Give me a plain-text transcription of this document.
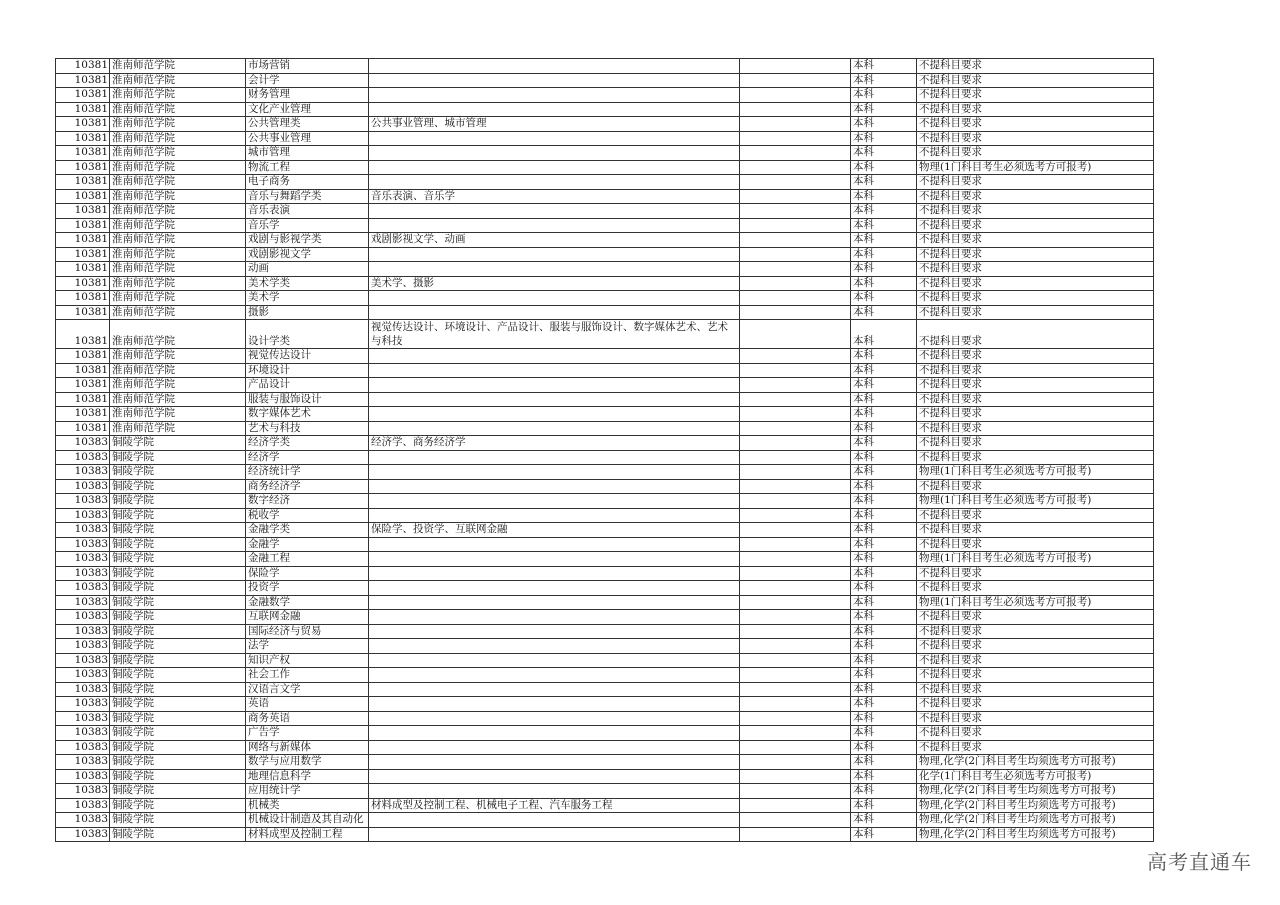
10381	淮南师范学院	市场营销			本科	不提科目要求
10381	淮南师范学院	会计学			本科	不提科目要求
10381	淮南师范学院	财务管理			本科	不提科目要求
10381	淮南师范学院	文化产业管理			本科	不提科目要求
10381	淮南师范学院	公共管理类	公共事业管理、城市管理		本科	不提科目要求
10381	淮南师范学院	公共事业管理			本科	不提科目要求
10381	淮南师范学院	城市管理			本科	不提科目要求
10381	淮南师范学院	物流工程			本科	物理(1门科目考生必须选考方可报考)
10381	淮南师范学院	电子商务			本科	不提科目要求
10381	淮南师范学院	音乐与舞蹈学类	音乐表演、音乐学		本科	不提科目要求
10381	淮南师范学院	音乐表演			本科	不提科目要求
10381	淮南师范学院	音乐学			本科	不提科目要求
10381	淮南师范学院	戏剧与影视学类	戏剧影视文学、动画		本科	不提科目要求
10381	淮南师范学院	戏剧影视文学			本科	不提科目要求
10381	淮南师范学院	动画			本科	不提科目要求
10381	淮南师范学院	美术学类	美术学、摄影		本科	不提科目要求
10381	淮南师范学院	美术学			本科	不提科目要求
10381	淮南师范学院	摄影			本科	不提科目要求
10381	淮南师范学院	设计学类	视觉传达设计、环境设计、产品设计、服装与服饰设计、数字媒体艺术、艺术与科技		本科	不提科目要求
10381	淮南师范学院	视觉传达设计			本科	不提科目要求
10381	淮南师范学院	环境设计			本科	不提科目要求
10381	淮南师范学院	产品设计			本科	不提科目要求
10381	淮南师范学院	服装与服饰设计			本科	不提科目要求
10381	淮南师范学院	数字媒体艺术			本科	不提科目要求
10381	淮南师范学院	艺术与科技			本科	不提科目要求
10383	铜陵学院	经济学类	经济学、商务经济学		本科	不提科目要求
10383	铜陵学院	经济学			本科	不提科目要求
10383	铜陵学院	经济统计学			本科	物理(1门科目考生必须选考方可报考)
10383	铜陵学院	商务经济学			本科	不提科目要求
10383	铜陵学院	数字经济			本科	物理(1门科目考生必须选考方可报考)
10383	铜陵学院	税收学			本科	不提科目要求
10383	铜陵学院	金融学类	保险学、投资学、互联网金融		本科	不提科目要求
10383	铜陵学院	金融学			本科	不提科目要求
10383	铜陵学院	金融工程			本科	物理(1门科目考生必须选考方可报考)
10383	铜陵学院	保险学			本科	不提科目要求
10383	铜陵学院	投资学			本科	不提科目要求
10383	铜陵学院	金融数学			本科	物理(1门科目考生必须选考方可报考)
10383	铜陵学院	互联网金融			本科	不提科目要求
10383	铜陵学院	国际经济与贸易			本科	不提科目要求
10383	铜陵学院	法学			本科	不提科目要求
10383	铜陵学院	知识产权			本科	不提科目要求
10383	铜陵学院	社会工作			本科	不提科目要求
10383	铜陵学院	汉语言文学			本科	不提科目要求
10383	铜陵学院	英语			本科	不提科目要求
10383	铜陵学院	商务英语			本科	不提科目要求
10383	铜陵学院	广告学			本科	不提科目要求
10383	铜陵学院	网络与新媒体			本科	不提科目要求
10383	铜陵学院	数学与应用数学			本科	物理,化学(2门科目考生均须选考方可报考)
10383	铜陵学院	地理信息科学			本科	化学(1门科目考生必须选考方可报考)
10383	铜陵学院	应用统计学			本科	物理,化学(2门科目考生均须选考方可报考)
10383	铜陵学院	机械类	材料成型及控制工程、机械电子工程、汽车服务工程		本科	物理,化学(2门科目考生均须选考方可报考)
10383	铜陵学院	机械设计制造及其自动化			本科	物理,化学(2门科目考生均须选考方可报考)
10383	铜陵学院	材料成型及控制工程			本科	物理,化学(2门科目考生均须选考方可报考)
高考直通车
